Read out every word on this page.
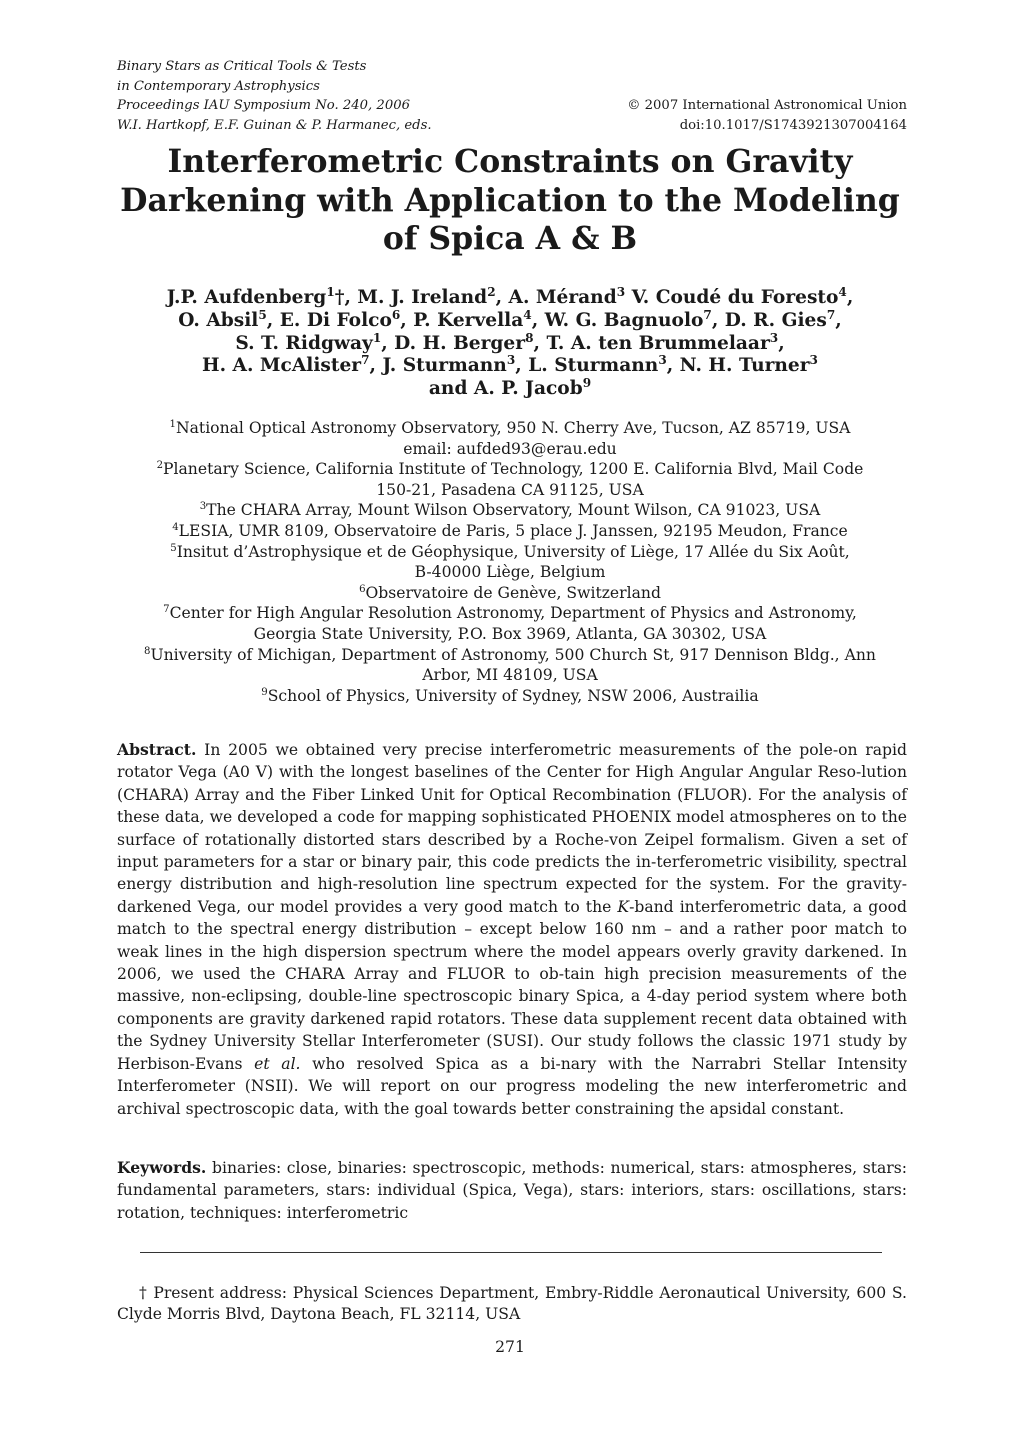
Binary Stars as Critical Tools & Tests
in Contemporary Astrophysics
Proceedings IAU Symposium No. 240, 2006	© 2007 International Astronomical Union
W.I. Hartkopf, E.F. Guinan & P. Harmanec, eds.	doi:10.1017/S1743921307004164
Interferometric Constraints on Gravity
Darkening with Application to the Modeling
of Spica A & B
J.P. Aufdenberg$^1$†, M. J. Ireland$^2$, A. Mérand$^3$ V. Coudé du Foresto$^4$,
O. Absil$^5$, E. Di Folco$^6$, P. Kervella$^4$, W. G. Bagnuolo$^7$, D. R. Gies$^7$,
S. T. Ridgway$^1$, D. H. Berger$^8$, T. A. ten Brummelaar$^3$,
H. A. McAlister$^7$, J. Sturmann$^3$, L. Sturmann$^3$, N. H. Turner$^3$
and A. P. Jacob$^9$
$^1$National Optical Astronomy Observatory, 950 N. Cherry Ave, Tucson, AZ 85719, USA
email: aufded93@erau.edu
$^2$Planetary Science, California Institute of Technology, 1200 E. California Blvd, Mail Code
150-21, Pasadena CA 91125, USA
$^3$The CHARA Array, Mount Wilson Observatory, Mount Wilson, CA 91023, USA
$^4$LESIA, UMR 8109, Observatoire de Paris, 5 place J. Janssen, 92195 Meudon, France
$^5$Insitut d’Astrophysique et de Géophysique, University of Liège, 17 Allée du Six Août,
B-40000 Liège, Belgium
$^6$Observatoire de Genève, Switzerland
$^7$Center for High Angular Resolution Astronomy, Department of Physics and Astronomy,
Georgia State University, P.O. Box 3969, Atlanta, GA 30302, USA
$^8$University of Michigan, Department of Astronomy, 500 Church St, 917 Dennison Bldg., Ann
Arbor, MI 48109, USA
$^9$School of Physics, University of Sydney, NSW 2006, Austrailia
Abstract. In 2005 we obtained very precise interferometric measurements of the pole-on rapid rotator Vega (A0 V) with the longest baselines of the Center for High Angular Angular Reso-lution (CHARA) Array and the Fiber Linked Unit for Optical Recombination (FLUOR). For the analysis of these data, we developed a code for mapping sophisticated PHOENIX model atmospheres on to the surface of rotationally distorted stars described by a Roche-von Zeipel formalism. Given a set of input parameters for a star or binary pair, this code predicts the in-terferometric visibility, spectral energy distribution and high-resolution line spectrum expected for the system. For the gravity-darkened Vega, our model provides a very good match to the K-band interferometric data, a good match to the spectral energy distribution – except below 160 nm – and a rather poor match to weak lines in the high dispersion spectrum where the model appears overly gravity darkened. In 2006, we used the CHARA Array and FLUOR to ob-tain high precision measurements of the massive, non-eclipsing, double-line spectroscopic binary Spica, a 4-day period system where both components are gravity darkened rapid rotators. These data supplement recent data obtained with the Sydney University Stellar Interferometer (SUSI). Our study follows the classic 1971 study by Herbison-Evans et al. who resolved Spica as a bi-nary with the Narrabri Stellar Intensity Interferometer (NSII). We will report on our progress modeling the new interferometric and archival spectroscopic data, with the goal towards better constraining the apsidal constant.
Keywords. binaries: close, binaries: spectroscopic, methods: numerical, stars: atmospheres, stars: fundamental parameters, stars: individual (Spica, Vega), stars: interiors, stars: oscillations, stars: rotation, techniques: interferometric
† Present address: Physical Sciences Department, Embry-Riddle Aeronautical University, 600 S. Clyde Morris Blvd, Daytona Beach, FL 32114, USA
271
